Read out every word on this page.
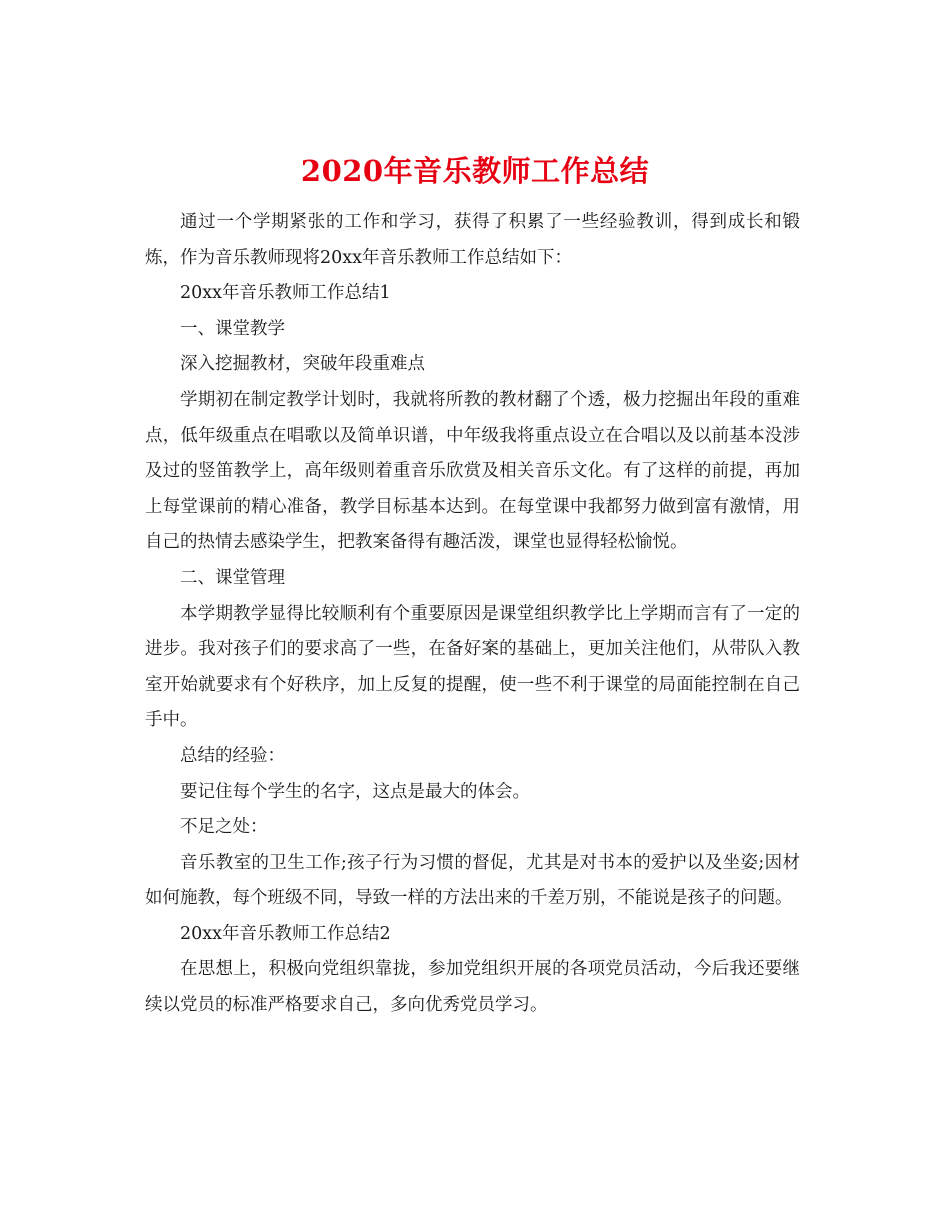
2020年音乐教师工作总结

通过一个学期紧张的工作和学习，获得了积累了一些经验教训，得到成长和锻炼，作为音乐教师现将20xx年音乐教师工作总结如下：

20xx年音乐教师工作总结1

一、课堂教学

深入挖掘教材，突破年段重难点

学期初在制定教学计划时，我就将所教的教材翻了个透，极力挖掘出年段的重难点，低年级重点在唱歌以及简单识谱，中年级我将重点设立在合唱以及以前基本没涉及过的竖笛教学上，高年级则着重音乐欣赏及相关音乐文化。有了这样的前提，再加上每堂课前的精心准备，教学目标基本达到。在每堂课中我都努力做到富有激情，用自己的热情去感染学生，把教案备得有趣活泼，课堂也显得轻松愉悦。

二、课堂管理

本学期教学显得比较顺利有个重要原因是课堂组织教学比上学期而言有了一定的进步。我对孩子们的要求高了一些，在备好案的基础上，更加关注他们，从带队入教室开始就要求有个好秩序，加上反复的提醒，使一些不利于课堂的局面能控制在自己手中。

总结的经验：

要记住每个学生的名字，这点是最大的体会。

不足之处：

音乐教室的卫生工作;孩子行为习惯的督促，尤其是对书本的爱护以及坐姿;因材如何施教，每个班级不同，导致一样的方法出来的千差万别，不能说是孩子的问题。

20xx年音乐教师工作总结2

在思想上，积极向党组织靠拢，参加党组织开展的各项党员活动，今后我还要继续以党员的标准严格要求自己，多向优秀党员学习。
